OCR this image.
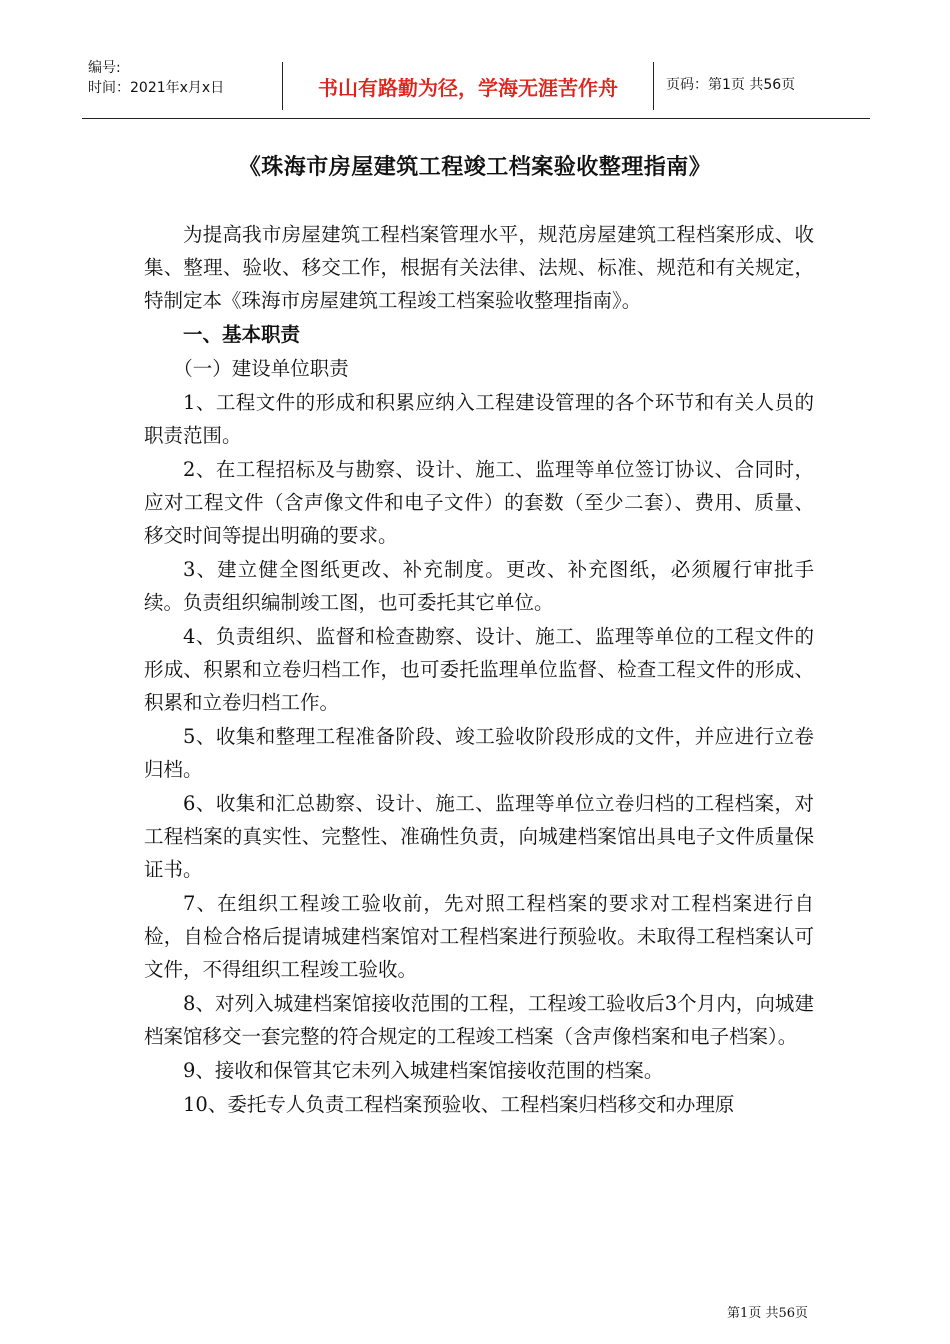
编号:
时间：2021年x月x日	书山有路勤为径，学海无涯苦作舟	页码：第1页 共56页
《珠海市房屋建筑工程竣工档案验收整理指南》

为提高我市房屋建筑工程档案管理水平，规范房屋建筑工程档案形成、收集、整理、验收、移交工作，根据有关法律、法规、标准、规范和有关规定，特制定本《珠海市房屋建筑工程竣工档案验收整理指南》。

一、基本职责

（一）建设单位职责

1、工程文件的形成和积累应纳入工程建设管理的各个环节和有关人员的职责范围。

2、在工程招标及与勘察、设计、施工、监理等单位签订协议、合同时，应对工程文件（含声像文件和电子文件）的套数（至少二套）、费用、质量、移交时间等提出明确的要求。

3、建立健全图纸更改、补充制度。更改、补充图纸，必须履行审批手续。负责组织编制竣工图，也可委托其它单位。

4、负责组织、监督和检查勘察、设计、施工、监理等单位的工程文件的形成、积累和立卷归档工作，也可委托监理单位监督、检查工程文件的形成、积累和立卷归档工作。

5、收集和整理工程准备阶段、竣工验收阶段形成的文件，并应进行立卷归档。

6、收集和汇总勘察、设计、施工、监理等单位立卷归档的工程档案，对工程档案的真实性、完整性、准确性负责，向城建档案馆出具电子文件质量保证书。

7、在组织工程竣工验收前，先对照工程档案的要求对工程档案进行自检，自检合格后提请城建档案馆对工程档案进行预验收。未取得工程档案认可文件，不得组织工程竣工验收。

8、对列入城建档案馆接收范围的工程，工程竣工验收后3个月内，向城建档案馆移交一套完整的符合规定的工程竣工档案（含声像档案和电子档案）。

9、接收和保管其它未列入城建档案馆接收范围的档案。

10、委托专人负责工程档案预验收、工程档案归档移交和办理原

第1页 共56页
